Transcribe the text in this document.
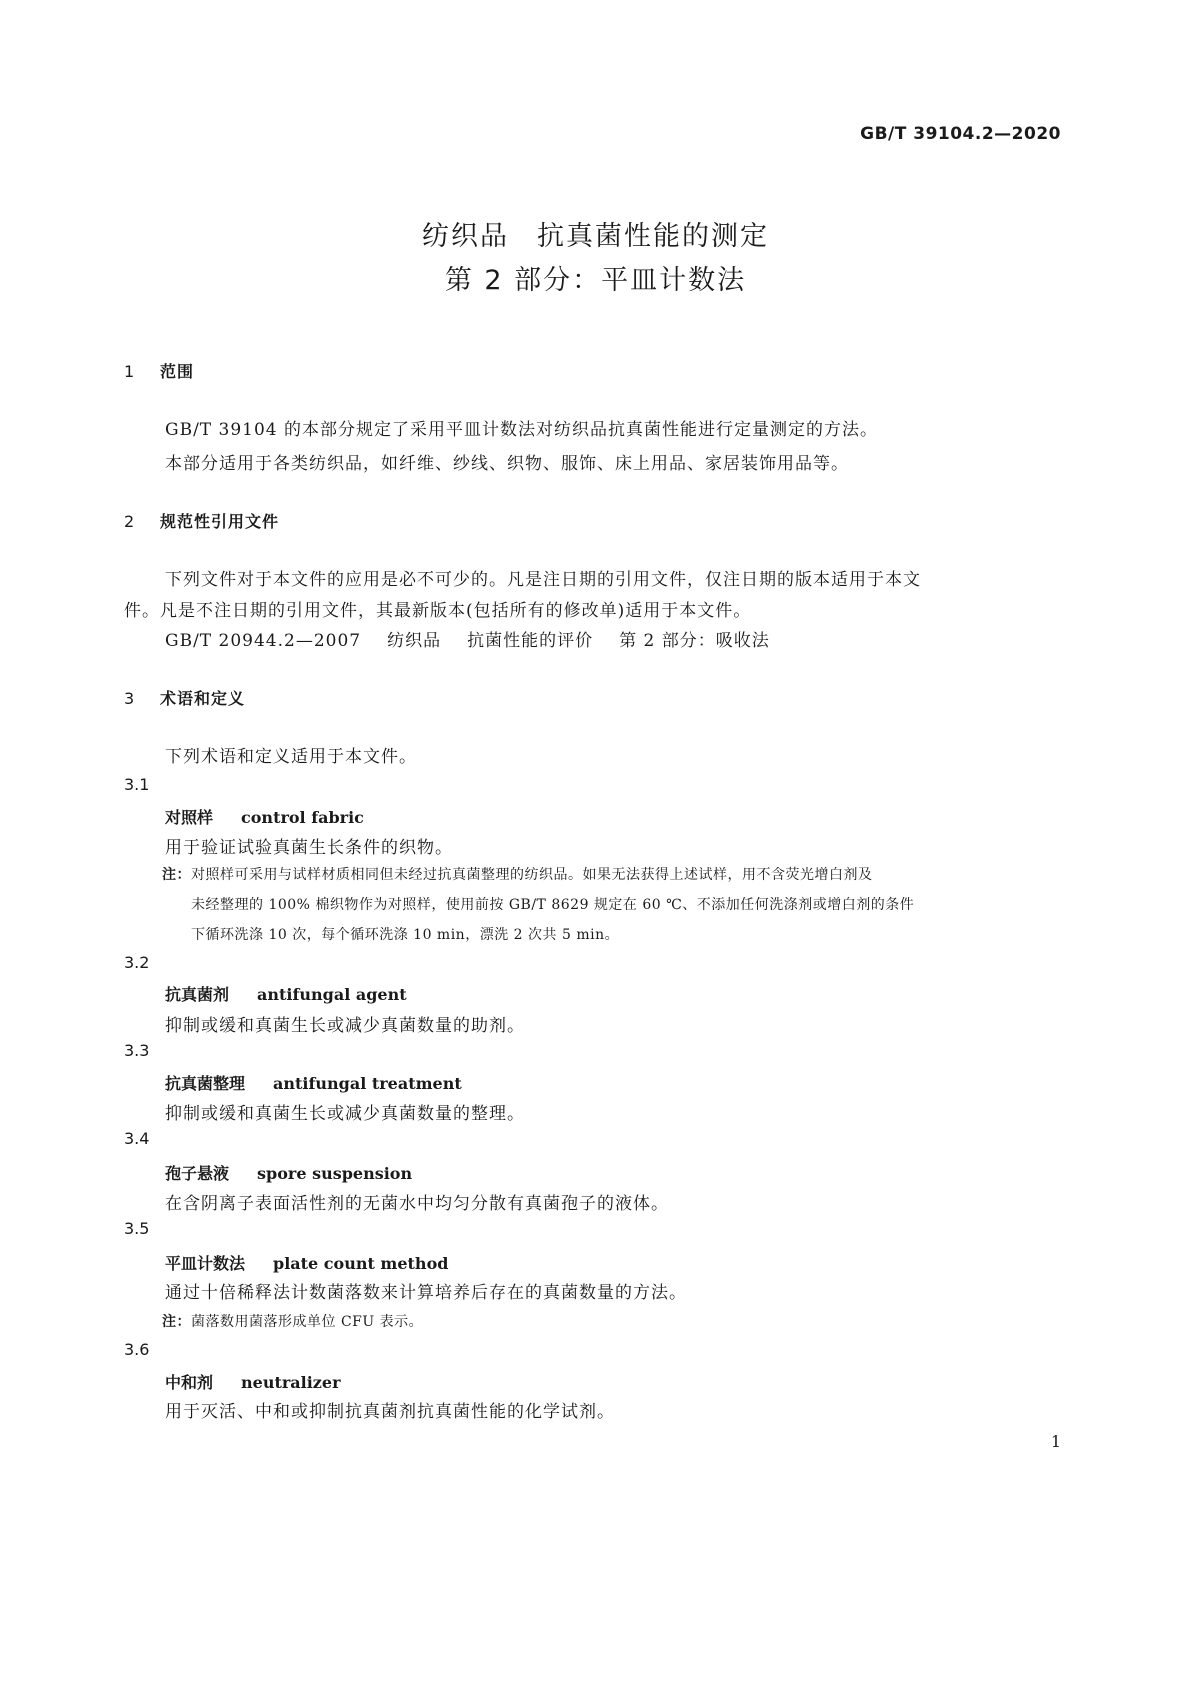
GB/T 39104.2—2020
纺织品 抗真菌性能的测定
第 2 部分：平皿计数法
1 范围
GB/T 39104 的本部分规定了采用平皿计数法对纺织品抗真菌性能进行定量测定的方法。
本部分适用于各类纺织品，如纤维、纱线、织物、服饰、床上用品、家居装饰用品等。
2 规范性引用文件
下列文件对于本文件的应用是必不可少的。凡是注日期的引用文件，仅注日期的版本适用于本文
件。凡是不注日期的引用文件，其最新版本(包括所有的修改单)适用于本文件。
GB/T 20944.2—2007 纺织品 抗菌性能的评价 第 2 部分：吸收法
3 术语和定义
下列术语和定义适用于本文件。
3.1
对照样 control fabric
用于验证试验真菌生长条件的织物。
注：对照样可采用与试样材质相同但未经过抗真菌整理的纺织品。如果无法获得上述试样，用不含荧光增白剂及
未经整理的 100% 棉织物作为对照样，使用前按 GB/T 8629 规定在 60 ℃、不添加任何洗涤剂或增白剂的条件
下循环洗涤 10 次，每个循环洗涤 10 min，漂洗 2 次共 5 min。
3.2
抗真菌剂 antifungal agent
抑制或缓和真菌生长或减少真菌数量的助剂。
3.3
抗真菌整理 antifungal treatment
抑制或缓和真菌生长或减少真菌数量的整理。
3.4
孢子悬液 spore suspension
在含阴离子表面活性剂的无菌水中均匀分散有真菌孢子的液体。
3.5
平皿计数法 plate count method
通过十倍稀释法计数菌落数来计算培养后存在的真菌数量的方法。
注：菌落数用菌落形成单位 CFU 表示。
3.6
中和剂 neutralizer
用于灭活、中和或抑制抗真菌剂抗真菌性能的化学试剂。
1
